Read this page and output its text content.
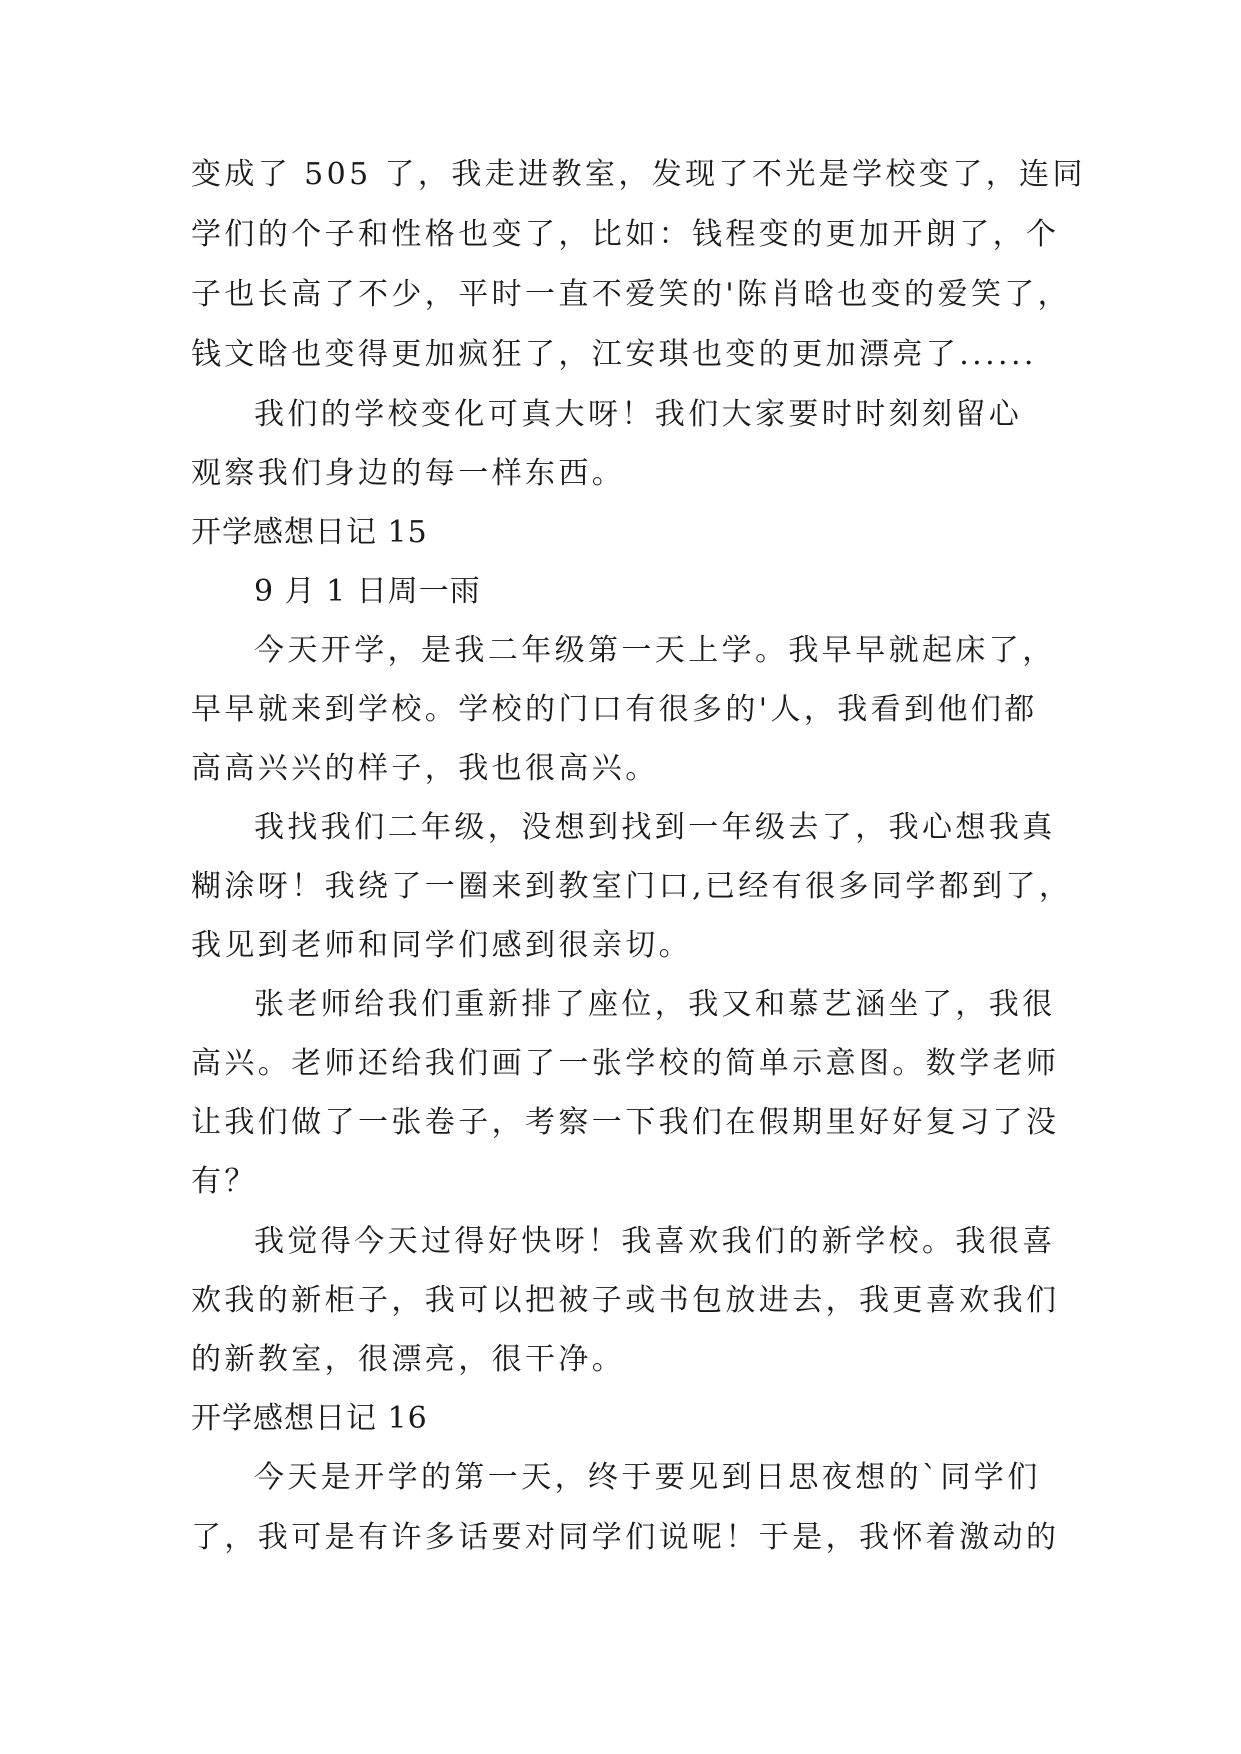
变成了 505 了，我走进教室，发现了不光是学校变了，连同
学们的个子和性格也变了，比如：钱程变的更加开朗了，个
子也长高了不少，平时一直不爱笑的'陈肖晗也变的爱笑了，
钱文晗也变得更加疯狂了，江安琪也变的更加漂亮了......
我们的学校变化可真大呀！我们大家要时时刻刻留心
观察我们身边的每一样东西。
开学感想日记 15
9 月 1 日周一雨
今天开学，是我二年级第一天上学。我早早就起床了，
早早就来到学校。学校的门口有很多的'人，我看到他们都
高高兴兴的样子，我也很高兴。
我找我们二年级，没想到找到一年级去了，我心想我真
糊涂呀！我绕了一圈来到教室门口,已经有很多同学都到了，
我见到老师和同学们感到很亲切。
张老师给我们重新排了座位，我又和慕艺涵坐了，我很
高兴。老师还给我们画了一张学校的简单示意图。数学老师
让我们做了一张卷子，考察一下我们在假期里好好复习了没
有？
我觉得今天过得好快呀！我喜欢我们的新学校。我很喜
欢我的新柜子，我可以把被子或书包放进去，我更喜欢我们
的新教室，很漂亮，很干净。
开学感想日记 16
今天是开学的第一天，终于要见到日思夜想的`同学们
了，我可是有许多话要对同学们说呢！于是，我怀着激动的
